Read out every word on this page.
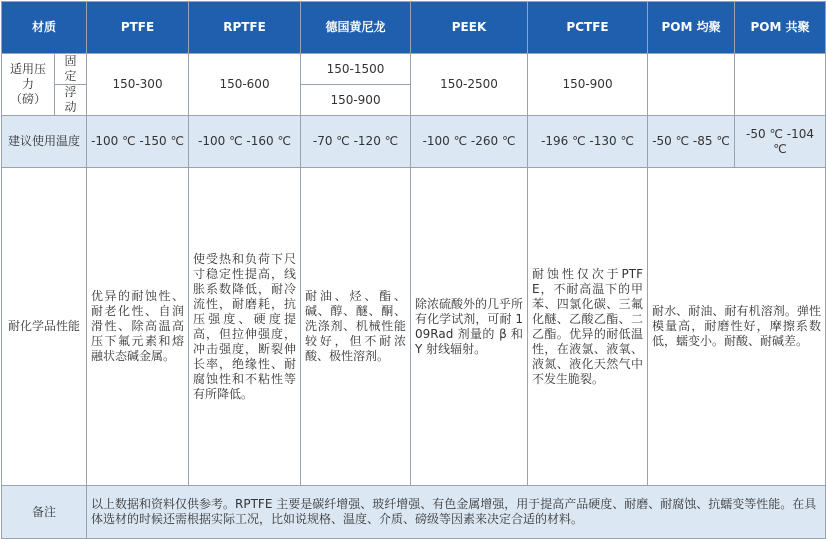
材质		PTFE	RPTFE	德国黄尼龙	PEEK	PCTFE	POM 均聚	POM 共聚

适用压力
（磅）	固定	150-300	150-600	150-1500	150-2500	150-900		
	浮动			150-900				
建议使用温度		-100 ℃ -150 ℃	-100 ℃ -160 ℃	-70 ℃ -120 ℃	-100 ℃ -260 ℃	-196 ℃ -130 ℃	-50 ℃ -85 ℃	-50 ℃ -104 ℃
耐化学品性能		优异的耐蚀性、耐老化性、自润滑性、除高温高压下氟元素和熔融状态碱金属。	使受热和负荷下尺寸稳定性提高，线胀系数降低，耐冷流性，耐磨耗，抗压强度、硬度提高，但拉伸强度，冲击强度，断裂伸长率，绝缘性、耐腐蚀性和不粘性等有所降低。	耐油、烃、酯、碱、醇、醚、酮、洗涤剂、机械性能较好，但不耐浓酸、极性溶剂。	除浓硫酸外的几乎所有化学试剂，可耐 109Rad 剂量的 β 和 Y 射线辐射。	耐蚀性仅次于PTFE，不耐高温下的甲苯、四氯化碳、三氟化醚、乙酸乙酯、二乙酯。优异的耐低温性，在液氯、液氧、液氮、液化天然气中不发生脆裂。	耐水、耐油、耐有机溶剂。弹性模量高，耐磨性好，摩擦系数低，蠕变小。耐酸、耐碱差。	
备注		以上数据和资料仅供参考。RPTFE 主要是碳纤增强、玻纤增强、有色金属增强，用于提高产品硬度、耐磨、耐腐蚀、抗蠕变等性能。在具体选材的时候还需根据实际工况，比如说规格、温度、介质、磅级等因素来决定合适的材料。						
